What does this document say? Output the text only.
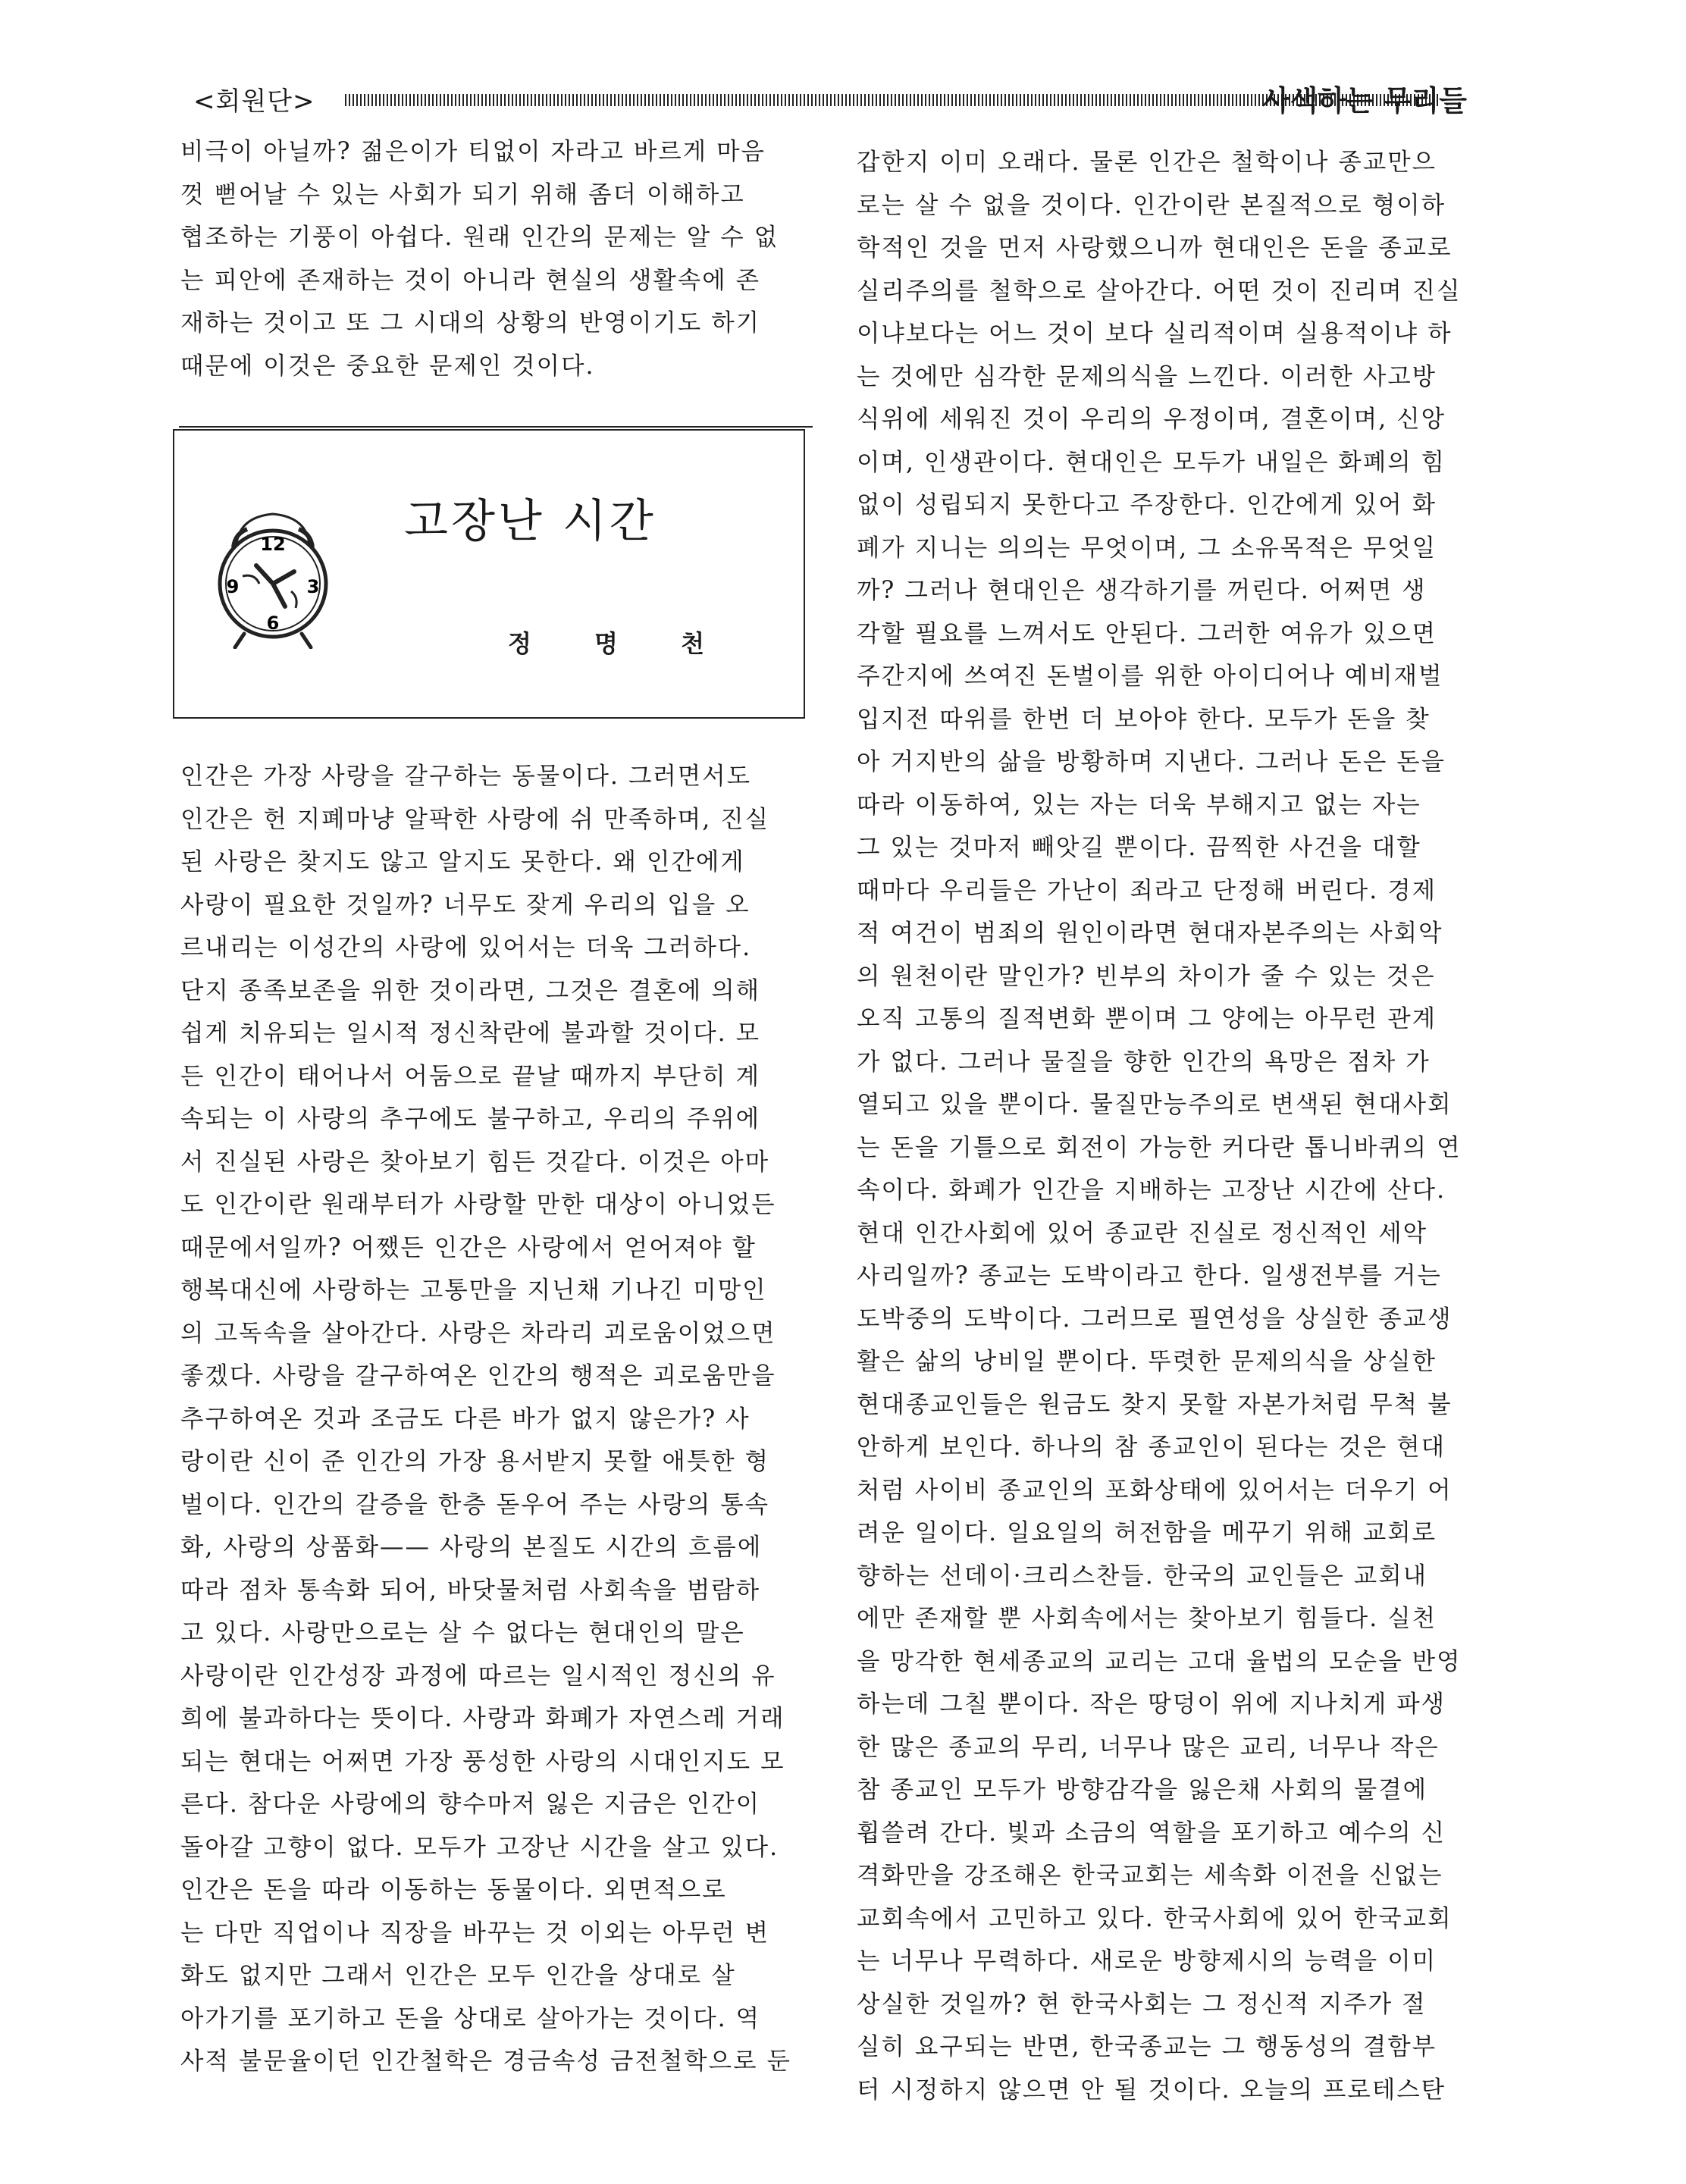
<회원단>	사색하는 무리들

비극이 아닐까? 젊은이가 티없이 자라고 바르게 마음

껏 뻗어날 수 있는 사회가 되기 위해 좀더 이해하고

협조하는 기풍이 아쉽다. 원래 인간의 문제는 알 수 없

는 피안에 존재하는 것이 아니라 현실의 생활속에 존

재하는 것이고 또 그 시대의 상황의 반영이기도 하기

때문에 이것은 중요한 문제인 것이다.

12
3
6
9
고장난 시간
정 명 천

인간은 가장 사랑을 갈구하는 동물이다. 그러면서도

인간은 헌 지폐마냥 알팍한 사랑에 쉬 만족하며, 진실

된 사랑은 찾지도 않고 알지도 못한다. 왜 인간에게

사랑이 필요한 것일까? 너무도 잦게 우리의 입을 오

르내리는 이성간의 사랑에 있어서는 더욱 그러하다.

단지 종족보존을 위한 것이라면, 그것은 결혼에 의해

쉽게 치유되는 일시적 정신착란에 불과할 것이다. 모

든 인간이 태어나서 어둠으로 끝날 때까지 부단히 계

속되는 이 사랑의 추구에도 불구하고, 우리의 주위에

서 진실된 사랑은 찾아보기 힘든 것같다. 이것은 아마

도 인간이란 원래부터가 사랑할 만한 대상이 아니었든

때문에서일까? 어쨌든 인간은 사랑에서 얻어져야 할

행복대신에 사랑하는 고통만을 지닌채 기나긴 미망인

의 고독속을 살아간다. 사랑은 차라리 괴로움이었으면

좋겠다. 사랑을 갈구하여온 인간의 행적은 괴로움만을

추구하여온 것과 조금도 다른 바가 없지 않은가? 사

랑이란 신이 준 인간의 가장 용서받지 못할 애틋한 형

벌이다. 인간의 갈증을 한층 돋우어 주는 사랑의 통속

화, 사랑의 상품화—— 사랑의 본질도 시간의 흐름에

따라 점차 통속화 되어, 바닷물처럼 사회속을 범람하

고 있다. 사랑만으로는 살 수 없다는 현대인의 말은

사랑이란 인간성장 과정에 따르는 일시적인 정신의 유

희에 불과하다는 뜻이다. 사랑과 화폐가 자연스레 거래

되는 현대는 어쩌면 가장 풍성한 사랑의 시대인지도 모

른다. 참다운 사랑에의 향수마저 잃은 지금은 인간이

돌아갈 고향이 없다. 모두가 고장난 시간을 살고 있다.

인간은 돈을 따라 이동하는 동물이다. 외면적으로

는 다만 직업이나 직장을 바꾸는 것 이외는 아무런 변

화도 없지만 그래서 인간은 모두 인간을 상대로 살

아가기를 포기하고 돈을 상대로 살아가는 것이다. 역

사적 불문율이던 인간철학은 경금속성 금전철학으로 둔

갑한지 이미 오래다. 물론 인간은 철학이나 종교만으

로는 살 수 없을 것이다. 인간이란 본질적으로 형이하

학적인 것을 먼저 사랑했으니까 현대인은 돈을 종교로

실리주의를 철학으로 살아간다. 어떤 것이 진리며 진실

이냐보다는 어느 것이 보다 실리적이며 실용적이냐 하

는 것에만 심각한 문제의식을 느낀다. 이러한 사고방

식위에 세워진 것이 우리의 우정이며, 결혼이며, 신앙

이며, 인생관이다. 현대인은 모두가 내일은 화폐의 힘

없이 성립되지 못한다고 주장한다. 인간에게 있어 화

폐가 지니는 의의는 무엇이며, 그 소유목적은 무엇일

까? 그러나 현대인은 생각하기를 꺼린다. 어쩌면 생

각할 필요를 느껴서도 안된다. 그러한 여유가 있으면

주간지에 쓰여진 돈벌이를 위한 아이디어나 예비재벌

입지전 따위를 한번 더 보아야 한다. 모두가 돈을 찾

아 거지반의 삶을 방황하며 지낸다. 그러나 돈은 돈을

따라 이동하여, 있는 자는 더욱 부해지고 없는 자는

그 있는 것마저 빼앗길 뿐이다. 끔찍한 사건을 대할

때마다 우리들은 가난이 죄라고 단정해 버린다. 경제

적 여건이 범죄의 원인이라면 현대자본주의는 사회악

의 원천이란 말인가? 빈부의 차이가 줄 수 있는 것은

오직 고통의 질적변화 뿐이며 그 양에는 아무런 관계

가 없다. 그러나 물질을 향한 인간의 욕망은 점차 가

열되고 있을 뿐이다. 물질만능주의로 변색된 현대사회

는 돈을 기틀으로 회전이 가능한 커다란 톱니바퀴의 연

속이다. 화폐가 인간을 지배하는 고장난 시간에 산다.

현대 인간사회에 있어 종교란 진실로 정신적인 세악

사리일까? 종교는 도박이라고 한다. 일생전부를 거는

도박중의 도박이다. 그러므로 필연성을 상실한 종교생

활은 삶의 낭비일 뿐이다. 뚜렷한 문제의식을 상실한

현대종교인들은 원금도 찾지 못할 자본가처럼 무척 불

안하게 보인다. 하나의 참 종교인이 된다는 것은 현대

처럼 사이비 종교인의 포화상태에 있어서는 더우기 어

려운 일이다. 일요일의 허전함을 메꾸기 위해 교회로

향하는 선데이·크리스찬들. 한국의 교인들은 교회내

에만 존재할 뿐 사회속에서는 찾아보기 힘들다. 실천

을 망각한 현세종교의 교리는 고대 율법의 모순을 반영

하는데 그칠 뿐이다. 작은 땅덩이 위에 지나치게 파생

한 많은 종교의 무리, 너무나 많은 교리, 너무나 작은

참 종교인 모두가 방향감각을 잃은채 사회의 물결에

휩쓸려 간다. 빛과 소금의 역할을 포기하고 예수의 신

격화만을 강조해온 한국교회는 세속화 이전을 신없는

교회속에서 고민하고 있다. 한국사회에 있어 한국교회

는 너무나 무력하다. 새로운 방향제시의 능력을 이미

상실한 것일까? 현 한국사회는 그 정신적 지주가 절

실히 요구되는 반면, 한국종교는 그 행동성의 결함부

터 시정하지 않으면 안 될 것이다. 오늘의 프로테스탄
